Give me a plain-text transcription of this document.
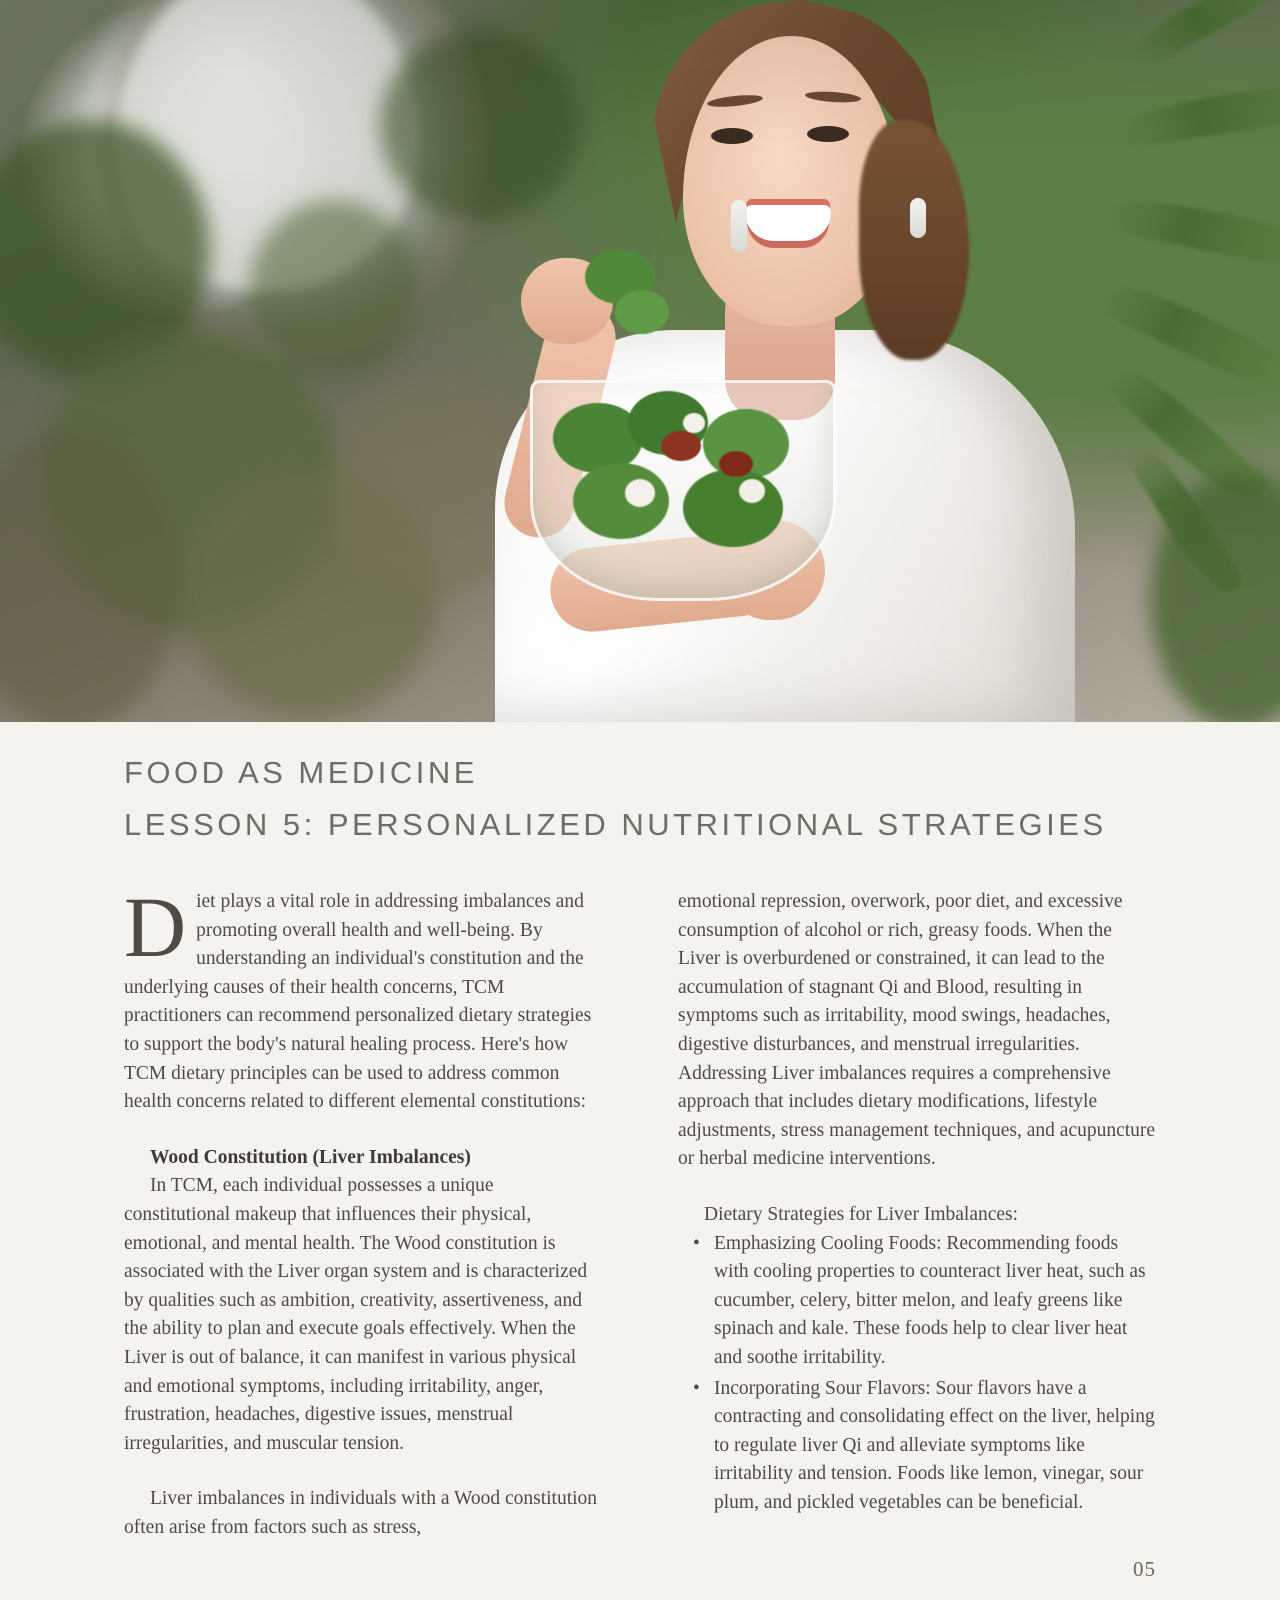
FOOD AS MEDICINE
LESSON 5: PERSONALIZED NUTRITIONAL STRATEGIES

Diet plays a vital role in addressing imbalances and promoting overall health and well-being. By understanding an individual's constitution and the underlying causes of their health concerns, TCM practitioners can recommend personalized dietary strategies to support the body's natural healing process. Here's how TCM dietary principles can be used to address common health concerns related to different elemental constitutions:

Wood Constitution (Liver Imbalances)

In TCM, each individual possesses a unique constitutional makeup that influences their physical, emotional, and mental health. The Wood constitution is associated with the Liver organ system and is characterized by qualities such as ambition, creativity, assertiveness, and the ability to plan and execute goals effectively. When the Liver is out of balance, it can manifest in various physical and emotional symptoms, including irritability, anger, frustration, headaches, digestive issues, menstrual irregularities, and muscular tension.

Liver imbalances in individuals with a Wood constitution often arise from factors such as stress,

emotional repression, overwork, poor diet, and excessive consumption of alcohol or rich, greasy foods. When the Liver is overburdened or constrained, it can lead to the accumulation of stagnant Qi and Blood, resulting in symptoms such as irritability, mood swings, headaches, digestive disturbances, and menstrual irregularities. Addressing Liver imbalances requires a comprehensive approach that includes dietary modifications, lifestyle adjustments, stress management techniques, and acupuncture or herbal medicine interventions.

Dietary Strategies for Liver Imbalances:

• Emphasizing Cooling Foods: Recommending foods with cooling properties to counteract liver heat, such as cucumber, celery, bitter melon, and leafy greens like spinach and kale. These foods help to clear liver heat and soothe irritability.
• Incorporating Sour Flavors: Sour flavors have a contracting and consolidating effect on the liver, helping to regulate liver Qi and alleviate symptoms like irritability and tension. Foods like lemon, vinegar, sour plum, and pickled vegetables can be beneficial.
05
